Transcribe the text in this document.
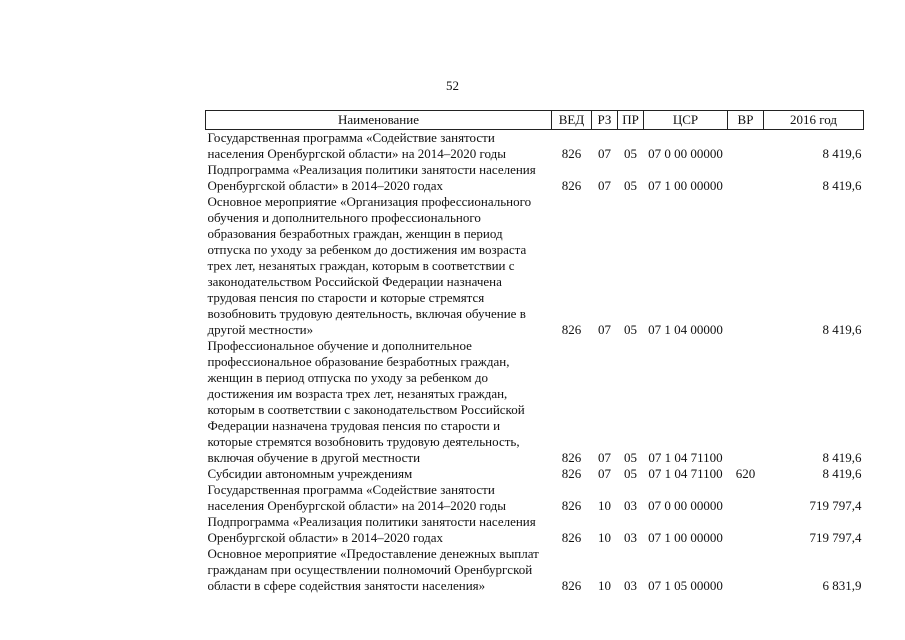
52
Наименование	ВЕД	РЗ	ПР	ЦСР	ВР	2016 год
Государственная программа «Содействие занятости населения Оренбургской области» на 2014–2020 годы	826	07	05	07 0 00 00000		8 419,6
Подпрограмма «Реализация политики занятости населения Оренбургской области» в 2014–2020 годах	826	07	05	07 1 00 00000		8 419,6
Основное мероприятие «Организация профессионального обучения и дополнительного профессионального образования безработных граждан, женщин в период отпуска по уходу за ребенком до достижения им возраста трех лет, незанятых граждан, которым в соответствии с законодательством Российской Федерации назначена трудовая пенсия по старости и которые стремятся возобновить трудовую деятельность, включая обучение в другой местности»	826	07	05	07 1 04 00000		8 419,6
Профессиональное обучение и дополнительное профессиональное образование безработных граждан, женщин в период отпуска по уходу за ребенком до достижения им возраста трех лет, незанятых граждан, которым в соответствии с законодательством Российской Федерации назначена трудовая пенсия по старости и которые стремятся возобновить трудовую деятельность, включая обучение в другой местности	826	07	05	07 1 04 71100		8 419,6
Субсидии автономным учреждениям	826	07	05	07 1 04 71100	620	8 419,6
Государственная программа «Содействие занятости населения Оренбургской области» на 2014–2020 годы	826	10	03	07 0 00 00000		719 797,4
Подпрограмма «Реализация политики занятости населения Оренбургской области» в 2014–2020 годах	826	10	03	07 1 00 00000		719 797,4
Основное мероприятие «Предоставление денежных выплат гражданам при осуществлении полномочий Оренбургской области в сфере содействия занятости населения»	826	10	03	07 1 05 00000		6 831,9
